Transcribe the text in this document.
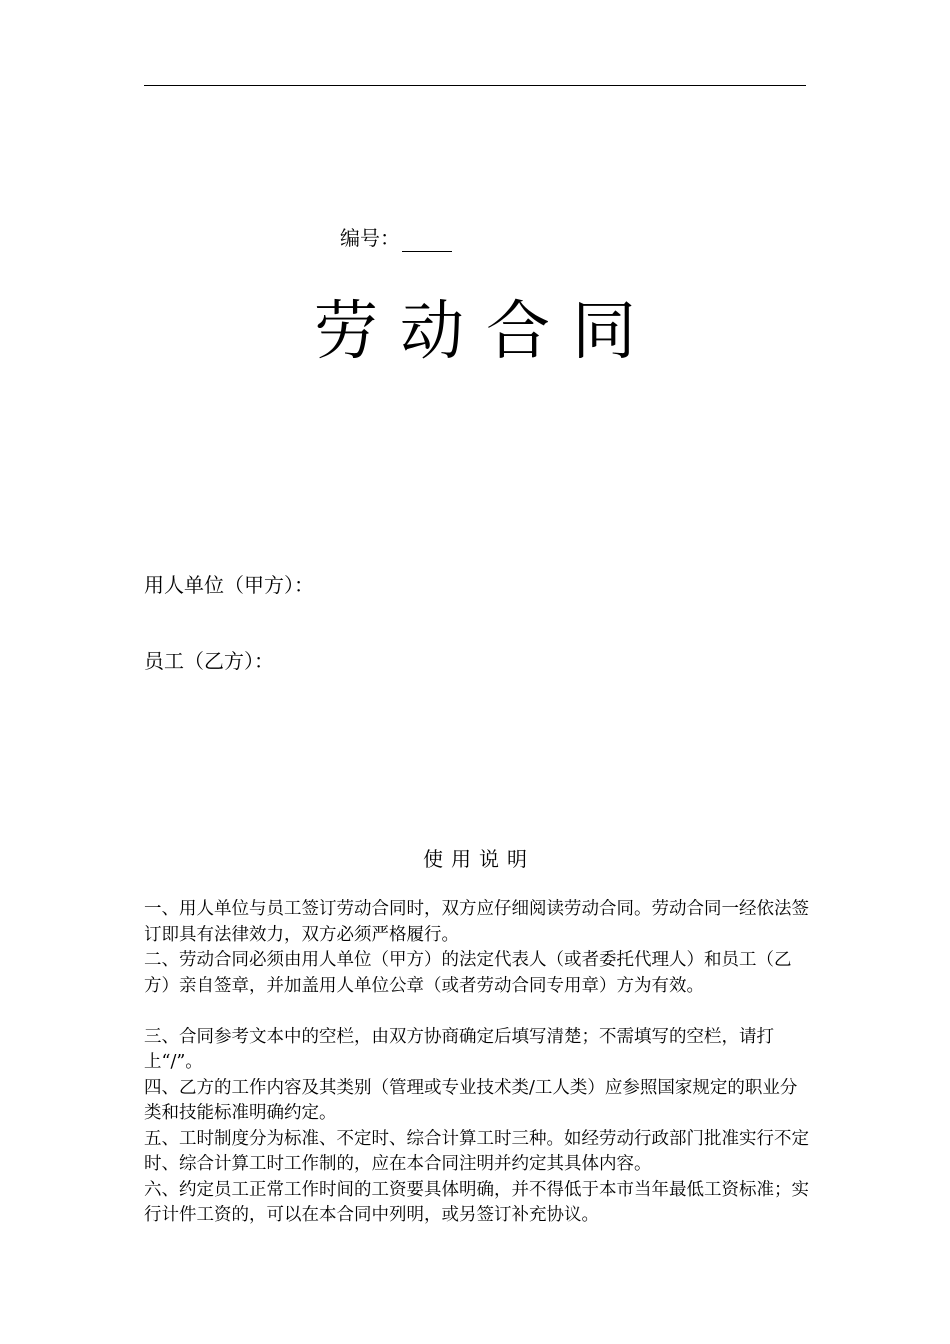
编号：
劳动合同
用人单位（甲方）：
员工（乙方）：
使用说明

一、用人单位与员工签订劳动合同时，双方应仔细阅读劳动合同。劳动合同一经依法签订即具有法律效力，双方必须严格履行。

二、劳动合同必须由用人单位（甲方）的法定代表人（或者委托代理人）和员工（乙方）亲自签章，并加盖用人单位公章（或者劳动合同专用章）方为有效。

三、合同参考文本中的空栏，由双方协商确定后填写清楚；不需填写的空栏，请打上“/”。

四、乙方的工作内容及其类别（管理或专业技术类/工人类）应参照国家规定的职业分类和技能标准明确约定。

五、工时制度分为标准、不定时、综合计算工时三种。如经劳动行政部门批准实行不定时、综合计算工时工作制的，应在本合同注明并约定其具体内容。

六、约定员工正常工作时间的工资要具体明确，并不得低于本市当年最低工资标准；实行计件工资的，可以在本合同中列明，或另签订补充协议。
